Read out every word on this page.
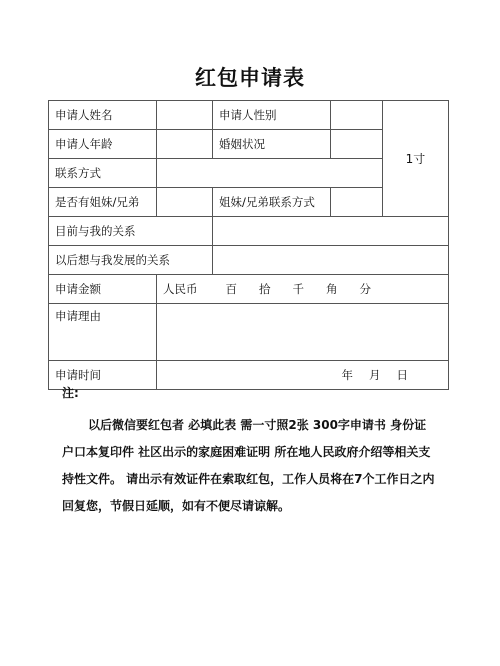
红包申请表
申请人姓名		申请人性别		1寸
申请人年龄		婚姻状况		
联系方式				
是否有姐妹/兄弟		姐妹/兄弟联系方式		
目前与我的关系				
以后想与我发展的关系				
申请金额	人民币 百 拾 千 角 分			
申请理由				
申请时间	年 月 日			
注:
以后微信要红包者 必填此表 需一寸照2张 300字申请书 身份证 户口本复印件 社区出示的家庭困难证明 所在地人民政府介绍等相关支持性文件。 请出示有效证件在索取红包，工作人员将在7个工作日之内回复您，节假日延顺，如有不便尽请谅解。
